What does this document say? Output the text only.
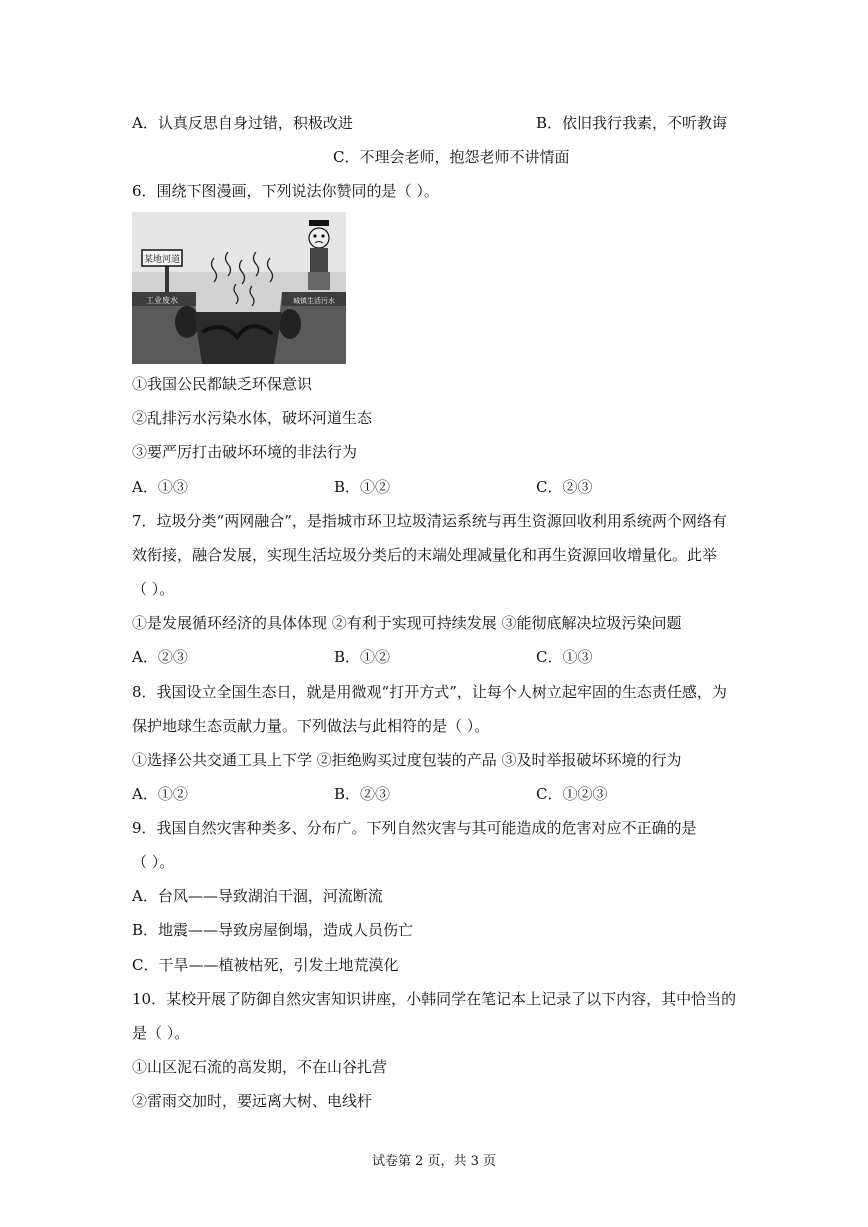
A．认真反思自身过错，积极改进	B．依旧我行我素，不听教诲
C．不理会老师，抱怨老师不讲情面
6．围绕下图漫画，下列说法你赞同的是（ ）。
某地河道
工业废水	城镇生活污水
①我国公民都缺乏环保意识
②乱排污水污染水体，破坏河道生态
③要严厉打击破坏环境的非法行为
A．①③	B．①②	C．②③
7．垃圾分类“两网融合”，是指城市环卫垃圾清运系统与再生资源回收利用系统两个网络有
效衔接，融合发展，实现生活垃圾分类后的末端处理减量化和再生资源回收增量化。此举
（ ）。
①是发展循环经济的具体体现 ②有利于实现可持续发展 ③能彻底解决垃圾污染问题
A．②③	B．①②	C．①③
8．我国设立全国生态日，就是用微观“打开方式”，让每个人树立起牢固的生态责任感，为
保护地球生态贡献力量。下列做法与此相符的是（ ）。
①选择公共交通工具上下学 ②拒绝购买过度包装的产品 ③及时举报破坏环境的行为
A．①②	B．②③	C．①②③
9．我国自然灾害种类多、分布广。下列自然灾害与其可能造成的危害对应不正确的是
（ ）。
A．台风——导致湖泊干涸，河流断流
B．地震——导致房屋倒塌，造成人员伤亡
C．干旱——植被枯死，引发土地荒漠化
10．某校开展了防御自然灾害知识讲座，小韩同学在笔记本上记录了以下内容，其中恰当的
是（ ）。
①山区泥石流的高发期，不在山谷扎营
②雷雨交加时，要远离大树、电线杆
试卷第 2 页，共 3 页
